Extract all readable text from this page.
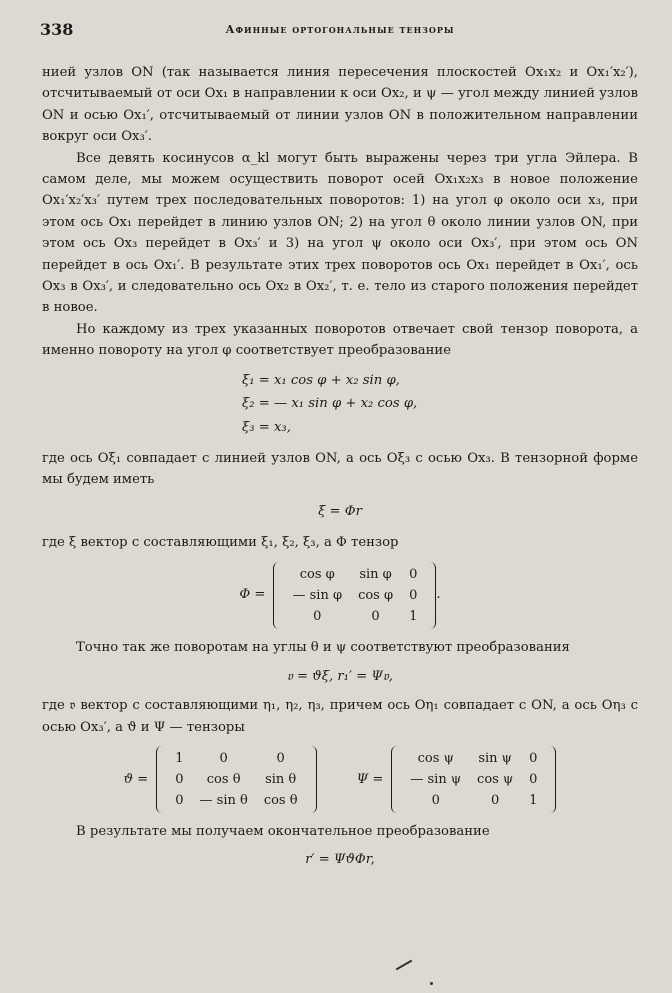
338	Афинные ортогональные тензоры

нией узлов ON (так называется линия пересечения плоскостей Ox₁x₂ и Ox₁′x₂′), отсчитываемый от оси Ox₁ в направлении к оси Ox₂, и ψ — угол между линией узлов ON и осью Ox₁′, отсчитываемый от линии узлов ON в положительном направлении вокруг оси Ox₃′.

Все девять косинусов α_kl могут быть выражены через три угла Эйлера. В самом деле, мы можем осуществить поворот осей Ox₁x₂x₃ в новое положение Ox₁′x₂′x₃′ путем трех последовательных поворотов: 1) на угол φ около оси x₃, при этом ось Ox₁ перейдет в линию узлов ON; 2) на угол θ около линии узлов ON, при этом ось Ox₃ перейдет в Ox₃′ и 3) на угол ψ около оси Ox₃′, при этом ось ON перейдет в ось Ox₁′. В результате этих трех поворотов ось Ox₁ перейдет в Ox₁′, ось Ox₃ в Ox₃′, и следовательно ось Ox₂ в Ox₂′, т. е. тело из старого положения перейдет в новое.

Но каждому из трех указанных поворотов отвечает свой тензор поворота, а именно повороту на угол φ соответствует преобразование

ξ₁ = x₁ cos φ + x₂ sin φ,
ξ₂ = — x₁ sin φ + x₂ cos φ,
ξ₃ = x₃,

где ось Oξ₁ совпадает с линией узлов ON, а ось Oξ₃ с осью Ox₃. В тензорной форме мы будем иметь

ξ = Φr

где ξ вектор с составляющими ξ₁, ξ₂, ξ₃, а Φ тензор

Φ =
cos φ	sin φ	0
— sin φ	cos φ	0
0	0	1
.

Точно так же поворотам на углы θ и ψ соответствуют преобразования

𝔳 = ϑξ, r₁′ = Ψ𝔳,

где 𝔳 вектор с составляющими η₁, η₂, η₃, причем ось Oη₁ совпадает с ON, а ось Oη₃ с осью Ox₃′, а ϑ и Ψ — тензоры

ϑ =
1	0	0
0	cos θ	sin θ
0	— sin θ	cos θ
Ψ =
cos ψ	sin ψ	0
— sin ψ	cos ψ	0
0	0	1

В результате мы получаем окончательное преобразование

r′ = ΨϑΦr,
